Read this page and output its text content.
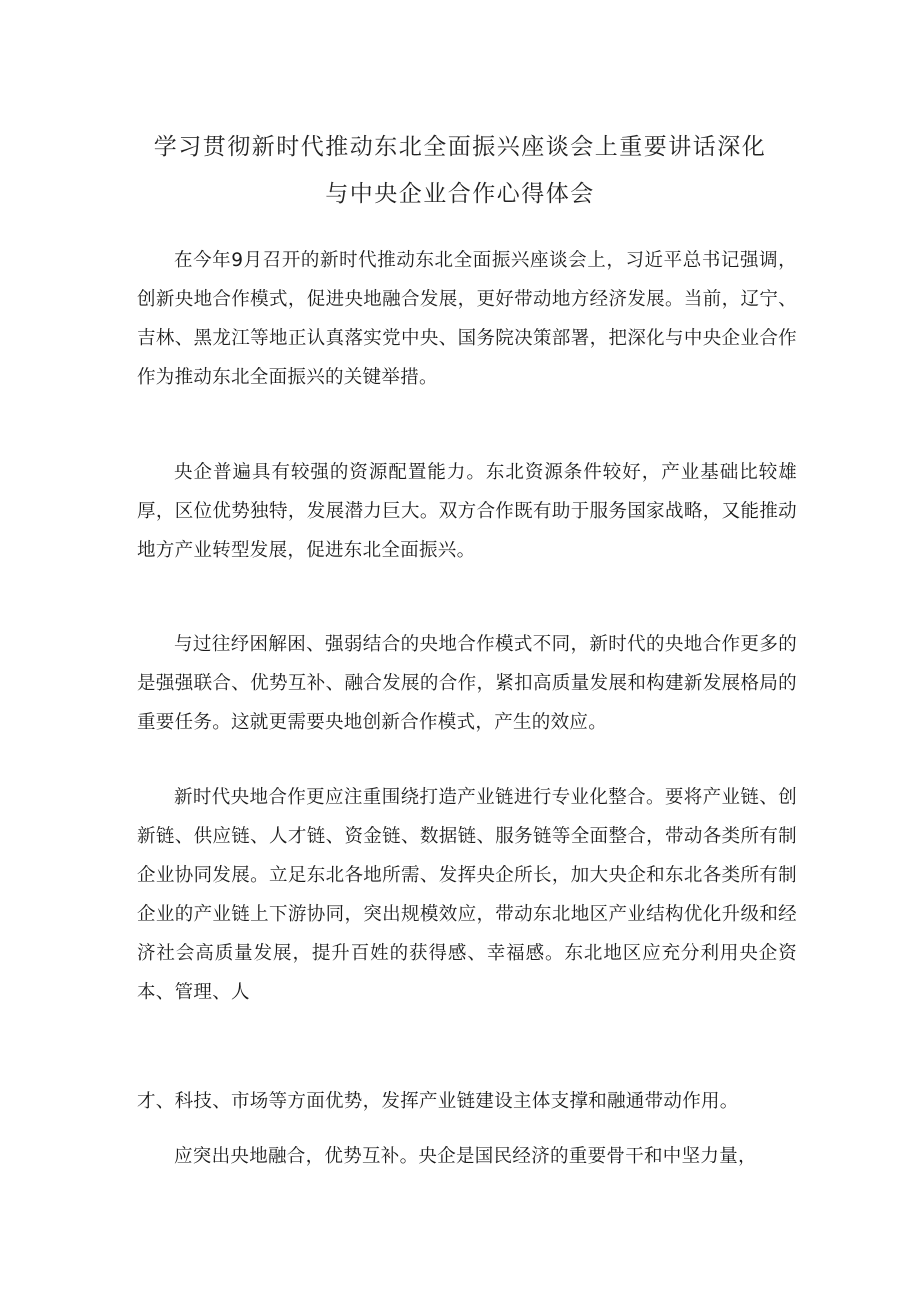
学习贯彻新时代推动东北全面振兴座谈会上重要讲话深化
与中央企业合作心得体会

在今年9月召开的新时代推动东北全面振兴座谈会上，习近平总书记强调，创新央地合作模式，促进央地融合发展，更好带动地方经济发展。当前，辽宁、吉林、黑龙江等地正认真落实党中央、国务院决策部署，把深化与中央企业合作作为推动东北全面振兴的关键举措。

央企普遍具有较强的资源配置能力。东北资源条件较好，产业基础比较雄厚，区位优势独特，发展潜力巨大。双方合作既有助于服务国家战略，又能推动地方产业转型发展，促进东北全面振兴。

与过往纾困解困、强弱结合的央地合作模式不同，新时代的央地合作更多的是强强联合、优势互补、融合发展的合作，紧扣高质量发展和构建新发展格局的重要任务。这就更需要央地创新合作模式，产生的效应。

新时代央地合作更应注重围绕打造产业链进行专业化整合。要将产业链、创新链、供应链、人才链、资金链、数据链、服务链等全面整合，带动各类所有制企业协同发展。立足东北各地所需、发挥央企所长，加大央企和东北各类所有制企业的产业链上下游协同，突出规模效应，带动东北地区产业结构优化升级和经济社会高质量发展，提升百姓的获得感、幸福感。东北地区应充分利用央企资本、管理、人

才、科技、市场等方面优势，发挥产业链建设主体支撑和融通带动作用。

应突出央地融合，优势互补。央企是国民经济的重要骨干和中坚力量，
